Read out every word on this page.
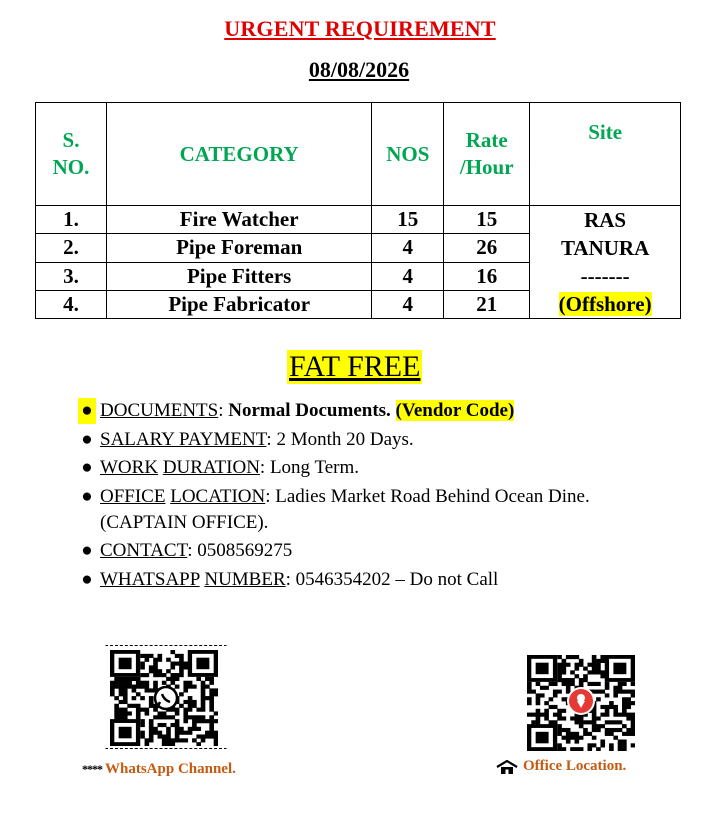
URGENT REQUIREMENT
08/08/2026
S. NO.	CATEGORY	NOS	Rate /Hour	Site
1.	Fire Watcher	15	15	RAS
TANURA
-------
(Offshore)

2.	Pipe Foreman	4	26	
3.	Pipe Fitters	4	16	
4.	Pipe Fabricator	4	21	
FAT FREE
● DOCUMENTS: Normal Documents. (Vendor Code)
● SALARY PAYMENT: 2 Month 20 Days.
● WORK DURATION: Long Term.
● OFFICE LOCATION: Ladies Market Road Behind Ocean Dine. (CAPTAIN OFFICE).
● CONTACT: 0508569275
● WHATSAPP NUMBER: 0546354202 – Do not Call
**** WhatsApp Channel.	Office Location.
